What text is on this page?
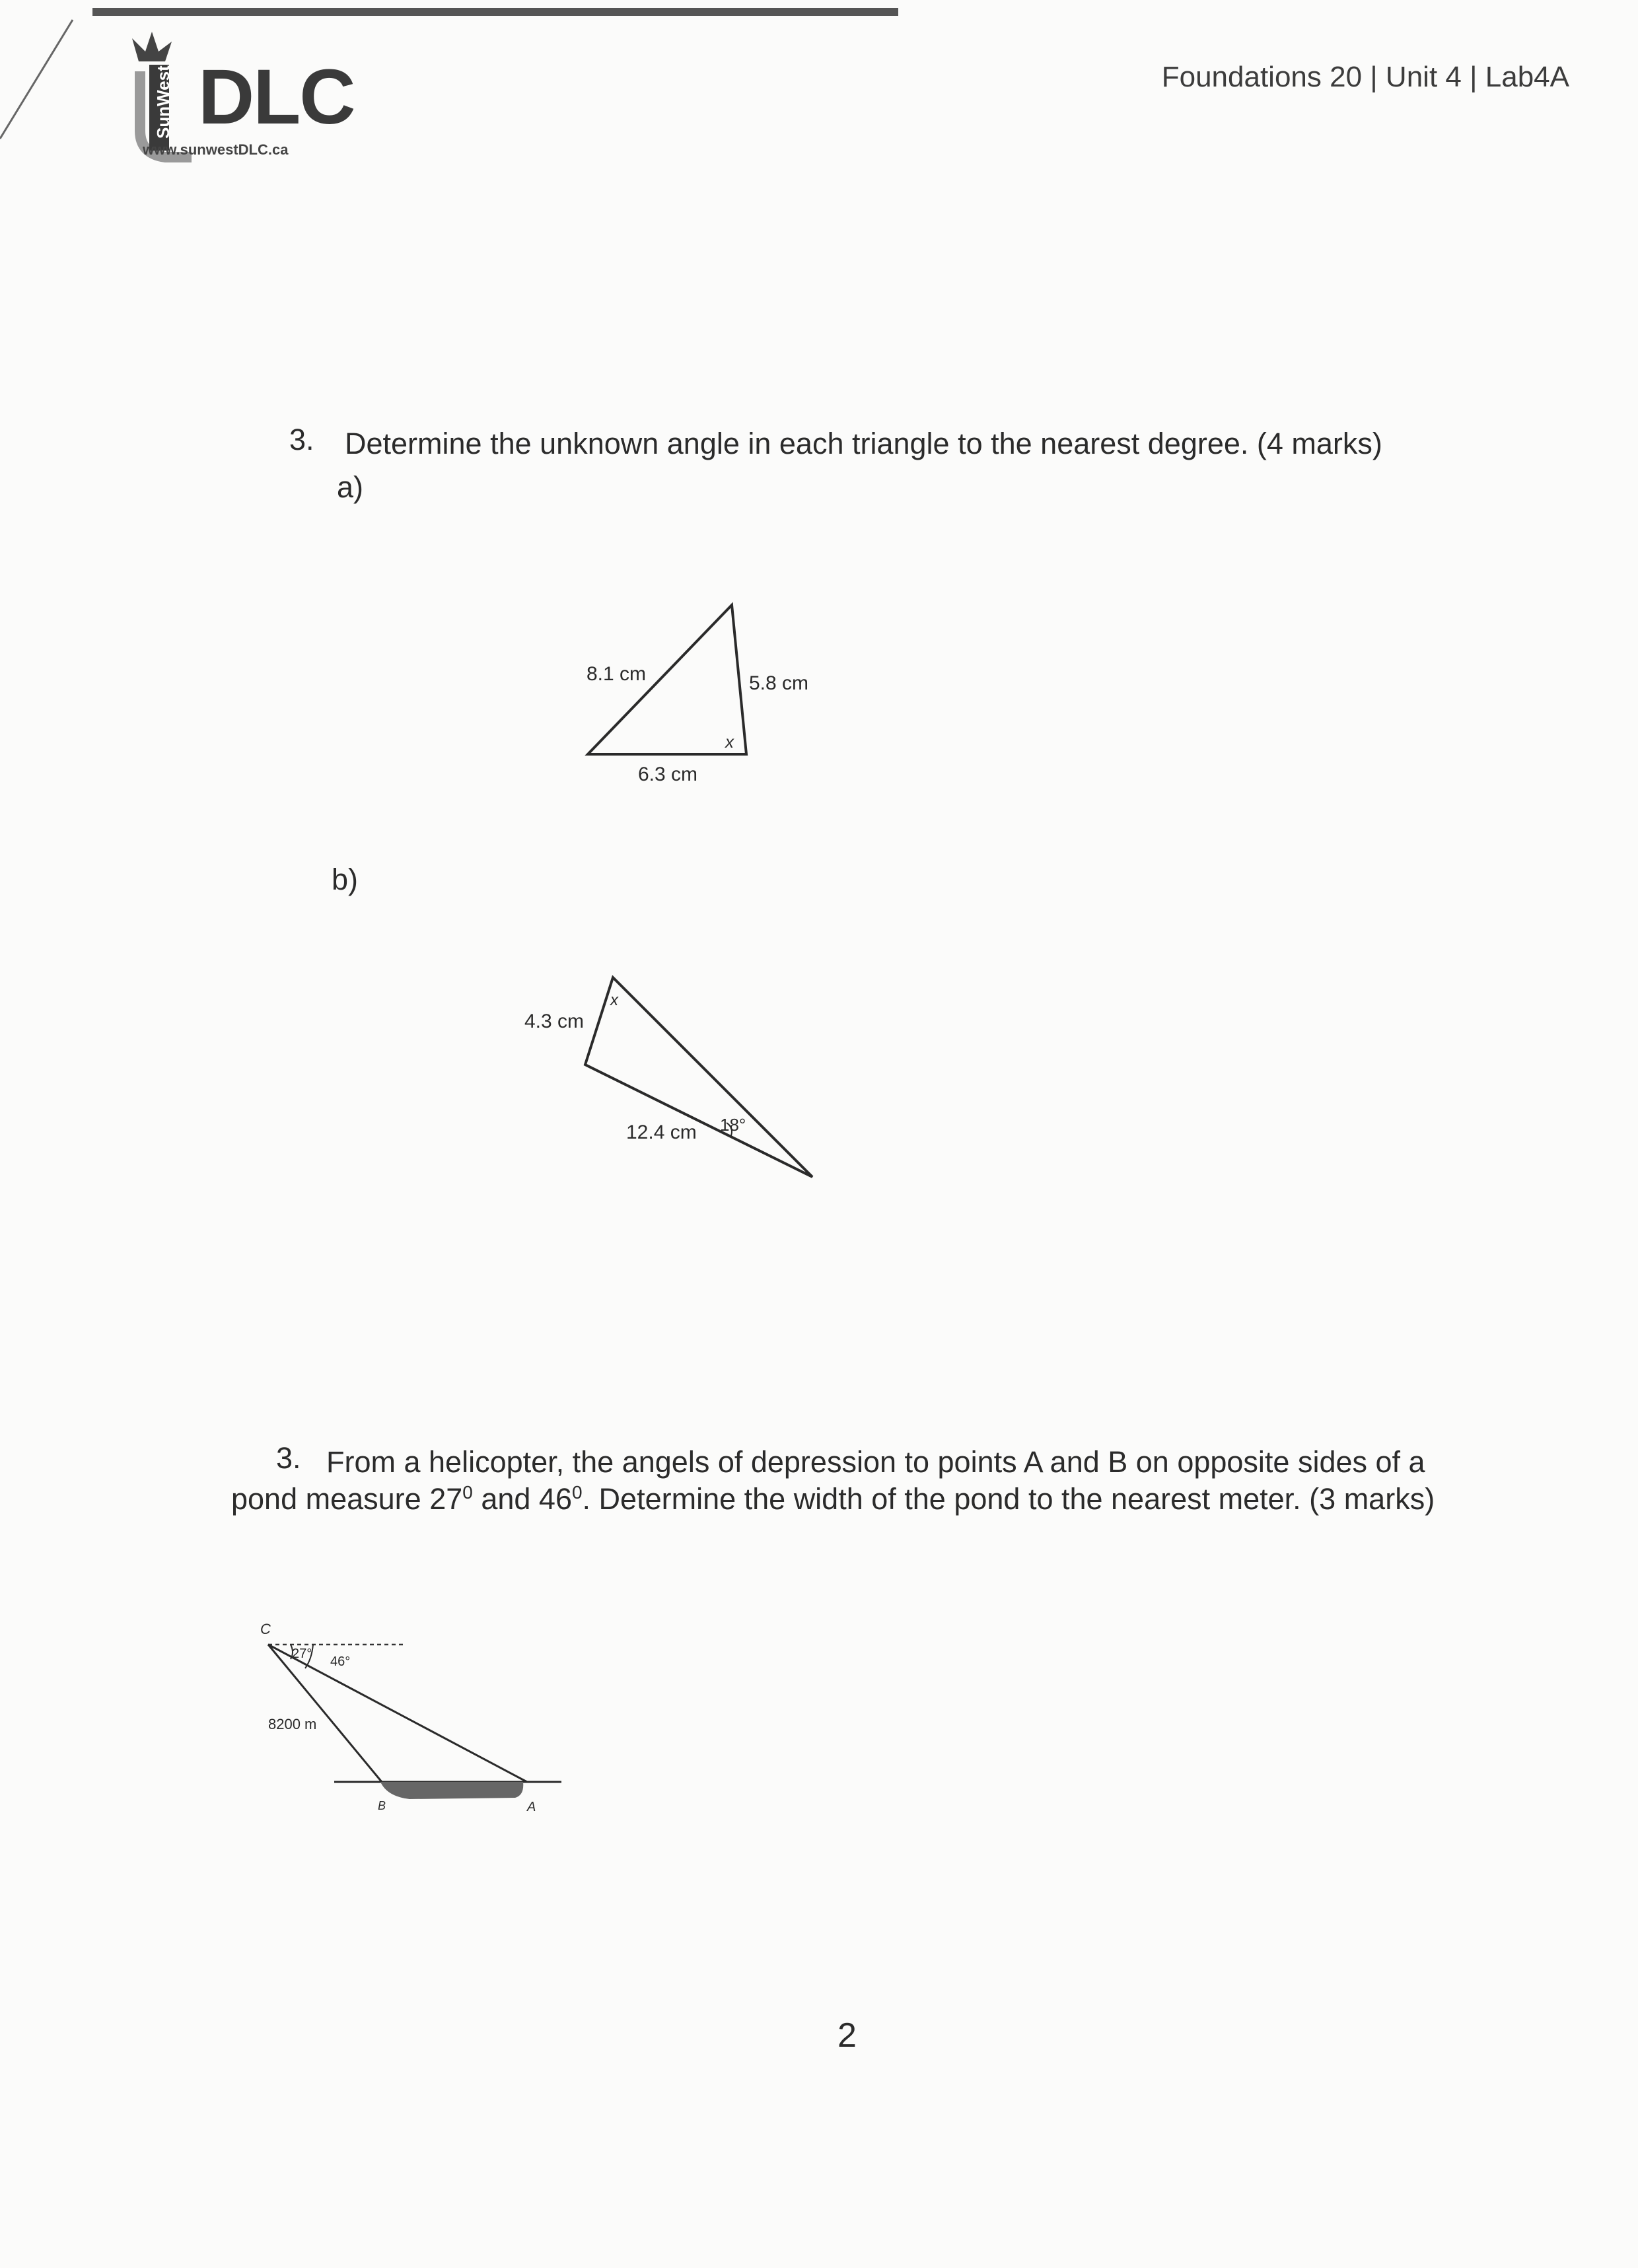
SunWest DLC
www.sunwestDLC.ca
Foundations 20 | Unit 4 | Lab4A
3. Determine the unknown angle in each triangle to the nearest degree. (4 marks)
a)
8.1 cm	5.8 cm
6.3 cm
x
b)
4.3 cm
12.4 cm
x
18°
3. From a helicopter, the angels of depression to points A and B on opposite sides of a
pond measure $27^0$ and $46^0$. Determine the width of the pond to the nearest meter. (3 marks)
C
27°
46°
8200 m
B	A
2
